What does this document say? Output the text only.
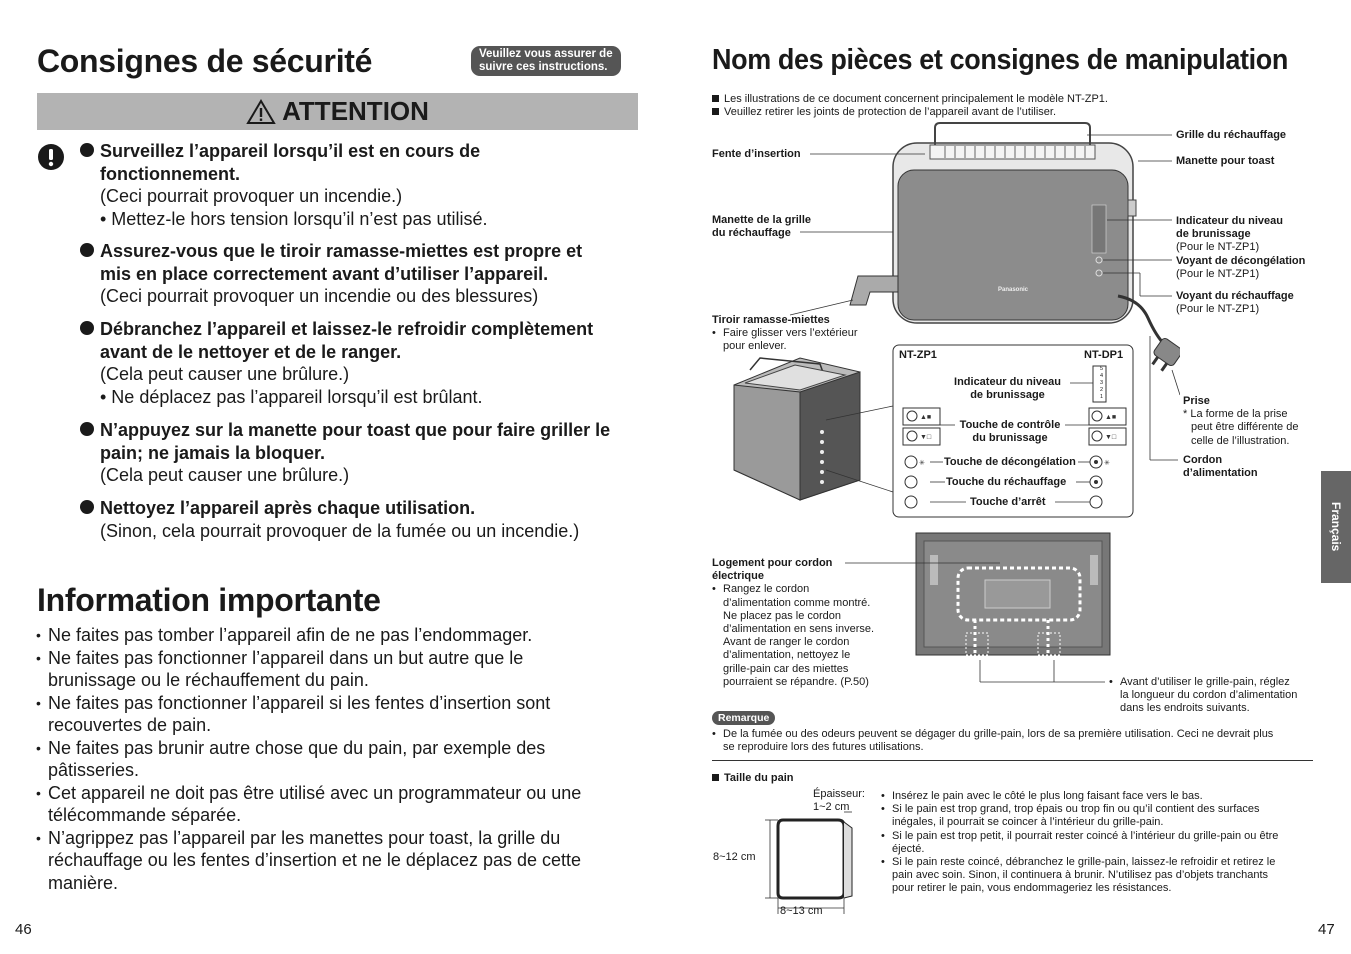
Consignes de sécurité	Veuillez vous assurer de
suivre ces instructions.
ATTENTION
Surveillez l’appareil lorsqu’il est en cours de
fonctionnement.
(Ceci pourrait provoquer un incendie.)
• Mettez-le hors tension lorsqu’il n’est pas utilisé.
Assurez-vous que le tiroir ramasse-miettes est propre et
mis en place correctement avant d’utiliser l’appareil.
(Ceci pourrait provoquer un incendie ou des blessures)
Débranchez l’appareil et laissez-le refroidir complètement
avant de le nettoyer et de le ranger.
(Cela peut causer une brûlure.)
• Ne déplacez pas l’appareil lorsqu’il est brûlant.
N’appuyez sur la manette pour toast que pour faire griller le
pain; ne jamais la bloquer.
(Cela peut causer une brûlure.)
Nettoyez l’appareil après chaque utilisation.
(Sinon, cela pourrait provoquer de la fumée ou un incendie.)
Information importante
• Ne faites pas tomber l’appareil afin de ne pas l’endommager.
• Ne faites pas fonctionner l’appareil dans un but autre que le
brunissage ou le réchauffement du pain.
• Ne faites pas fonctionner l’appareil si les fentes d’insertion sont
recouvertes de pain.
• Ne faites pas brunir autre chose que du pain, par exemple des
pâtisseries.
• Cet appareil ne doit pas être utilisé avec un programmateur ou une
télécommande séparée.
• N’agrippez pas l’appareil par les manettes pour toast, la grille du
réchauffage ou les fentes d’insertion et ne le déplacez pas de cette
manière.
46
Nom des pièces et consignes de manipulation
Les illustrations de ce document concernent principalement le modèle NT-ZP1.
Veuillez retirer les joints de protection de l’appareil avant de l’utiliser.
▲■
▼□
▲■
▼□
✳	✳
Fente d’insertion
Grille du réchauffage
Manette pour toast
Manette de la grille
du réchauffage
Indicateur du niveau
de brunissage
(Pour le NT-ZP1)
Voyant de décongélation
(Pour le NT-ZP1)
Voyant du réchauffage
(Pour le NT-ZP1)
Tiroir ramasse-miettes
• Faire glisser vers l’extérieur
pour enlever.
Prise
* La forme de la prise
peut être différente de
celle de l’illustration.
Cordon
d’alimentation
Panasonic
NT-ZP1	NT-DP1
Indicateur du niveau
de brunissage
5
4
3
2
1
Touche de contrôle
du brunissage
Touche de décongélation
Touche du réchauffage
Touche d’arrêt
Logement pour cordon
électrique
• Rangez le cordon
d’alimentation comme montré.
Ne placez pas le cordon
d’alimentation en sens inverse.
Avant de ranger le cordon
d’alimentation, nettoyez le
grille-pain car des miettes
pourraient se répandre. (P.50)
•	Avant d’utiliser le grille-pain, réglez
la longueur du cordon d’alimentation
dans les endroits suivants.
Remarque
• De la fumée ou des odeurs peuvent se dégager du grille-pain, lors de sa première utilisation. Ceci ne devrait plus
se reproduire lors des futures utilisations.
Taille du pain
Épaisseur:
1~2 cm
8~12 cm
8~13 cm
• Insérez le pain avec le côté le plus long faisant face vers le bas.
• Si le pain est trop grand, trop épais ou trop fin ou qu’il contient des surfaces
inégales, il pourrait se coincer à l’intérieur du grille-pain.
• Si le pain est trop petit, il pourrait rester coincé à l’intérieur du grille-pain ou être
éjecté.
• Si le pain reste coincé, débranchez le grille-pain, laissez-le refroidir et retirez le
pain avec soin. Sinon, il continuera à brunir. N’utilisez pas d’objets tranchants
pour retirer le pain, vous endommageriez les résistances.
Français
47
